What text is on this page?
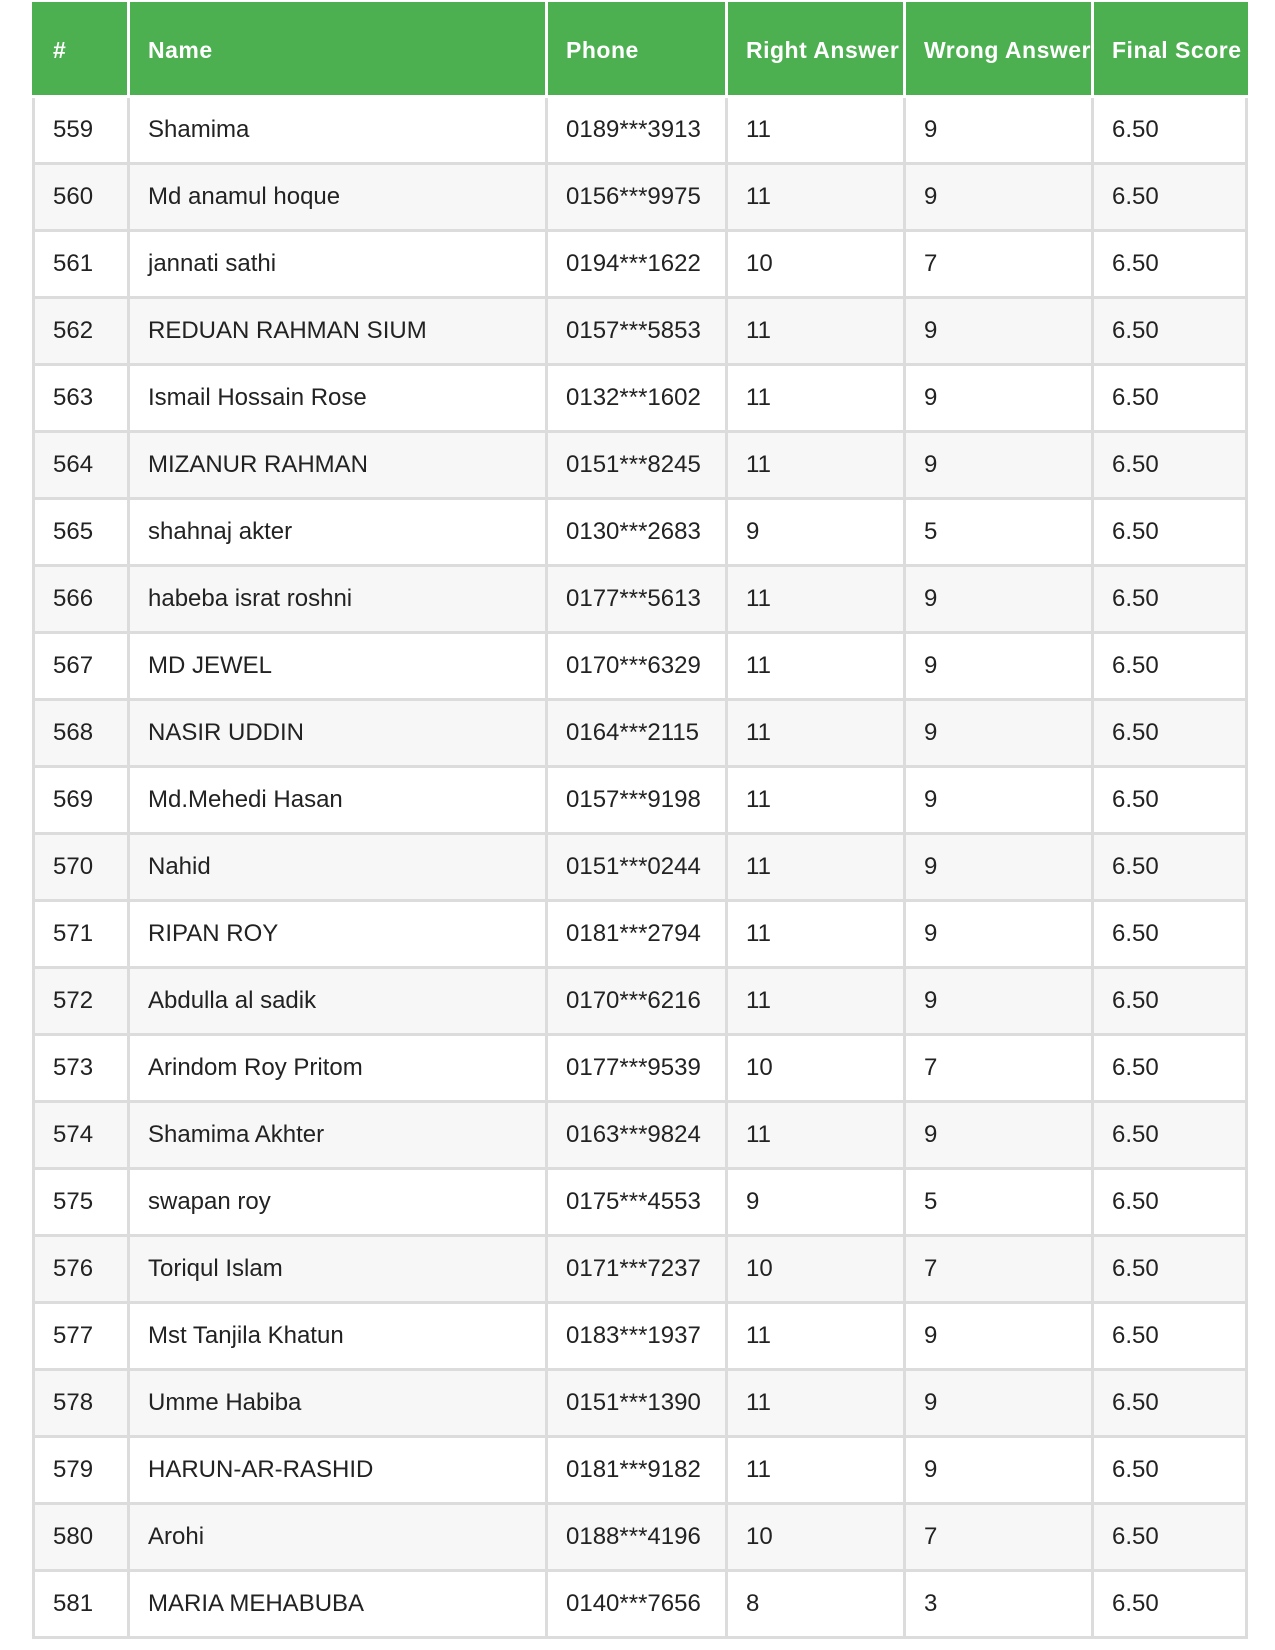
#	Name	Phone	Right Answer	Wrong Answer	Final Score
559	Shamima	0189***3913	11	9	6.50
560	Md anamul hoque	0156***9975	11	9	6.50
561	jannati sathi	0194***1622	10	7	6.50
562	REDUAN RAHMAN SIUM	0157***5853	11	9	6.50
563	Ismail Hossain Rose	0132***1602	11	9	6.50
564	MIZANUR RAHMAN	0151***8245	11	9	6.50
565	shahnaj akter	0130***2683	9	5	6.50
566	habeba israt roshni	0177***5613	11	9	6.50
567	MD JEWEL	0170***6329	11	9	6.50
568	NASIR UDDIN	0164***2115	11	9	6.50
569	Md.Mehedi Hasan	0157***9198	11	9	6.50
570	Nahid	0151***0244	11	9	6.50
571	RIPAN ROY	0181***2794	11	9	6.50
572	Abdulla al sadik	0170***6216	11	9	6.50
573	Arindom Roy Pritom	0177***9539	10	7	6.50
574	Shamima Akhter	0163***9824	11	9	6.50
575	swapan roy	0175***4553	9	5	6.50
576	Toriqul Islam	0171***7237	10	7	6.50
577	Mst Tanjila Khatun	0183***1937	11	9	6.50
578	Umme Habiba	0151***1390	11	9	6.50
579	HARUN-AR-RASHID	0181***9182	11	9	6.50
580	Arohi	0188***4196	10	7	6.50
581	MARIA MEHABUBA	0140***7656	8	3	6.50
